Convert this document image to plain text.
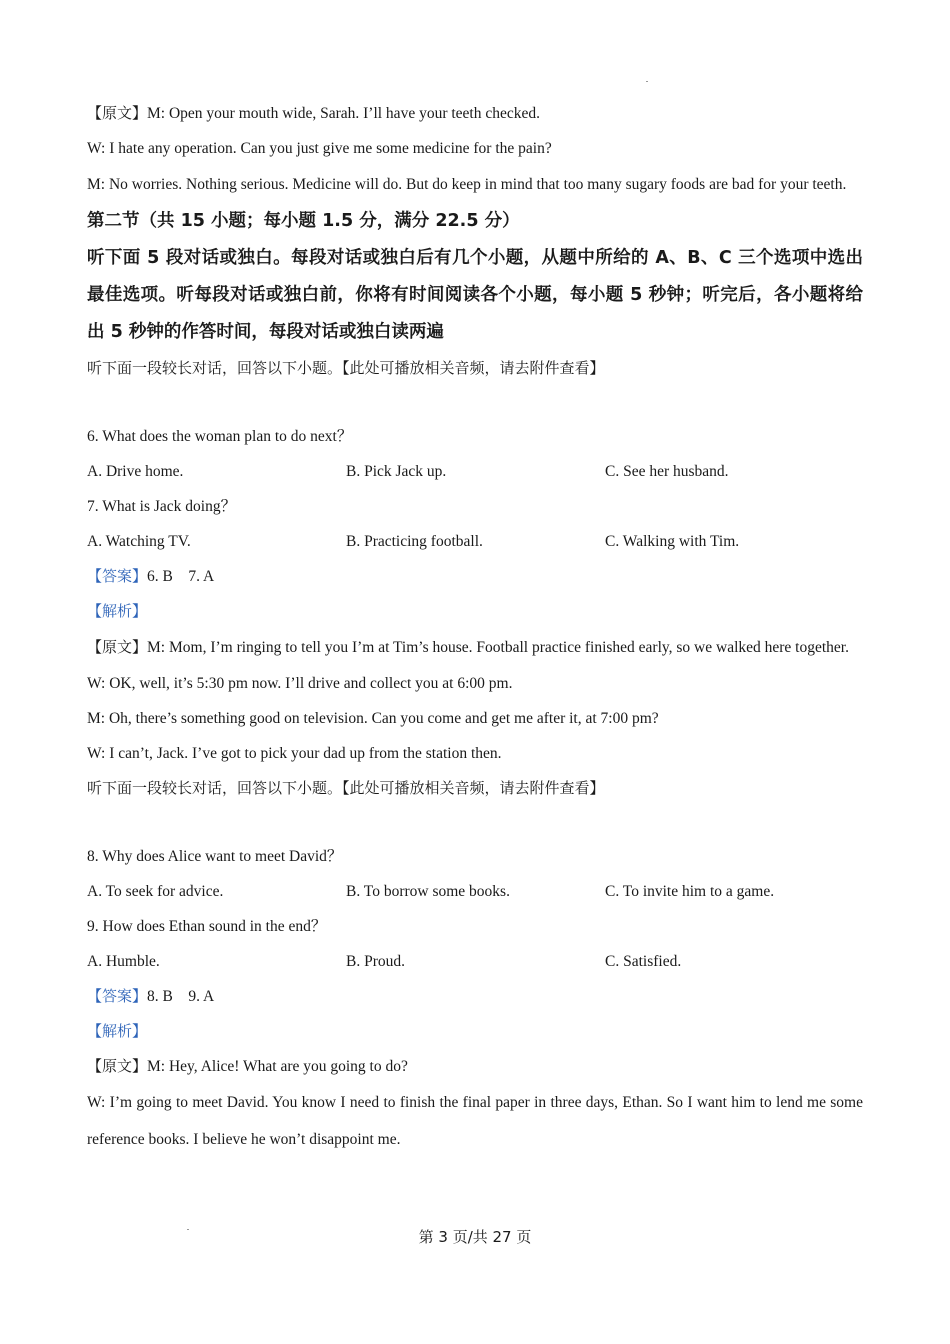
【原文】M: Open your mouth wide, Sarah. I’ll have your teeth checked.

W: I hate any operation. Can you just give me some medicine for the pain?

M: No worries. Nothing serious. Medicine will do. But do keep in mind that too many sugary foods are bad for your teeth.

第二节（共 15 小题；每小题 1.5 分，满分 22.5 分）

听下面 5 段对话或独白。每段对话或独白后有几个小题，从题中所给的 A、B、C 三个选项中选出最佳选项。听每段对话或独白前，你将有时间阅读各个小题，每小题 5 秒钟；听完后，各小题将给出 5 秒钟的作答时间，每段对话或独白读两遍

听下面一段较长对话，回答以下小题。【此处可播放相关音频，请去附件查看】

6. What does the woman plan to do next？

A. Drive home.	B. Pick Jack up.	C. See her husband.

7. What is Jack doing？

A. Watching TV.	B. Practicing football.	C. Walking with Tim.

【答案】6. B    7. A

【解析】

【原文】M: Mom, I’m ringing to tell you I’m at Tim’s house. Football practice finished early, so we walked here together.

W: OK, well, it’s 5:30 pm now. I’ll drive and collect you at 6:00 pm.

M: Oh, there’s something good on television. Can you come and get me after it, at 7:00 pm?

W: I can’t, Jack. I’ve got to pick your dad up from the station then.

听下面一段较长对话，回答以下小题。【此处可播放相关音频，请去附件查看】

8. Why does Alice want to meet David？

A. To seek for advice.	B. To borrow some books.	C. To invite him to a game.

9. How does Ethan sound in the end？

A. Humble.	B. Proud.	C. Satisfied.

【答案】8. B    9. A

【解析】

【原文】M: Hey, Alice! What are you going to do?

W: I’m going to meet David. You know I need to finish the final paper in three days, Ethan. So I want him to lend me some reference books. I believe he won’t disappoint me.

第 3 页/共 27 页
